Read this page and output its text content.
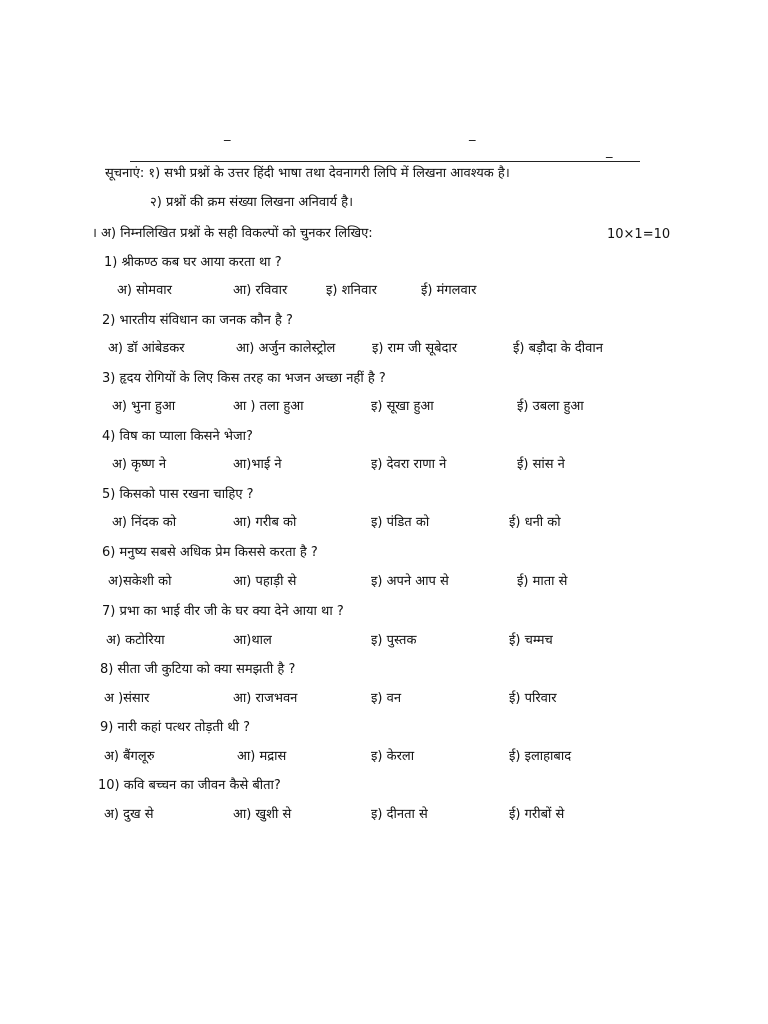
_	_
_
सूचनाएं: १) सभी प्रश्नों के उत्तर हिंदी भाषा तथा देवनागरी लिपि में लिखना आवश्यक है।
२) प्रश्नों की क्रम संख्या लिखना अनिवार्य है।
। अ) निम्नलिखित प्रश्नों के सही विकल्पों को चुनकर लिखिए:	10×1=10
1) श्रीकण्ठ कब घर आया करता था ?
अ) सोमवार	आ) रविवार	इ) शनिवार	ई) मंगलवार
2) भारतीय संविधान का जनक कौन है ?
अ) डॉ आंबेडकर	आ) अर्जुन कालेस्ट्रोल	इ) राम जी सूबेदार	ई) बड़ौदा के दीवान
3) हृदय रोगियों के लिए किस तरह का भजन अच्छा नहीं है ?
अ) भुना हुआ	आ ) तला हुआ	इ) सूखा हुआ	ई) उबला हुआ
4) विष का प्याला किसने भेजा?
अ) कृष्ण ने	आ)भाई ने	इ) देवरा राणा ने	ई) सांस ने
5) किसको पास रखना चाहिए ?
अ) निंदक को	आ) गरीब को	इ) पंडित को	ई) धनी को
6) मनुष्य सबसे अधिक प्रेम किससे करता है ?
अ)सकेशी को	आ) पहाड़ी से	इ) अपने आप से	ई) माता से
7) प्रभा का भाई वीर जी के घर क्या देने आया था ?
अ) कटोरिया	आ)थाल	इ) पुस्तक	ई) चम्मच
8) सीता जी कुटिया को क्या समझती है ?
अ )संसार	आ) राजभवन	इ) वन	ई) परिवार
9) नारी कहां पत्थर तोड़ती थी ?
अ) बैंगलूरु	आ) मद्रास	इ) केरला	ई) इलाहाबाद
10) कवि बच्चन का जीवन कैसे बीता?
अ) दुख से	आ) खुशी से	इ) दीनता से	ई) गरीबों से
